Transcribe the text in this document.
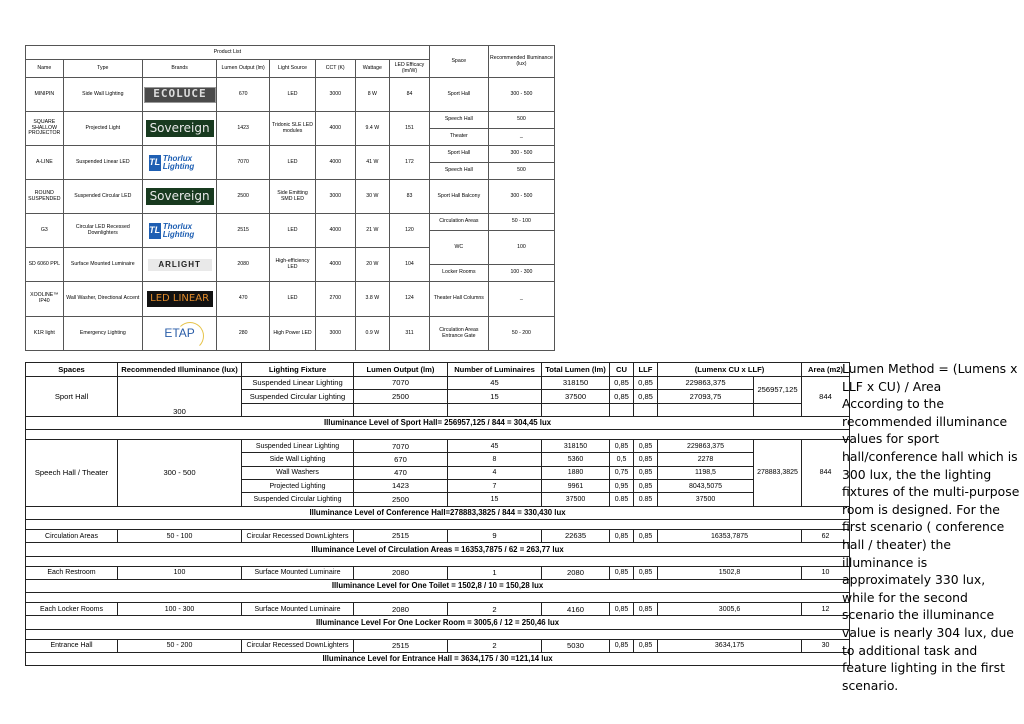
Product List								Space	Recommended Illuminance (lux)
Name	Type	Brands	Lumen Output (lm)	Light Source	CCT (K)	Wattage	LED Efficacy (lm/W)		
MINIPIN	Side Wall Lighting	ECOLUCE	670	LED	3000	8 W	84	Sport Hall	300 - 500
SQUARE SHALLOW PROJECTOR	Projected Light	Sovereign	1423	Tridonic SLE LED modules	4000	9.4 W	151	Speech Hall	500
								Theater	_
A-LINE	Suspended Linear LED	TL Thorlux Lighting	7070	LED	4000	41 W	172	Sport Hall	300 - 500
								Speech Hall	500
ROUND SUSPENDED	Suspended Circular LED	Sovereign	2500	Side Emitting SMD LED	3000	30 W	83	Sport Hall Balcony	300 - 500
G3	Circular LED Recessed Downlighters	TL Thorlux Lighting	2515	LED	4000	21 W	120	Circulation Areas	50 - 100
								WC	100
SD 6060 PPL	Surface Mounted Luminaire	ARLIGHT	2080	High-efficiency LED	4000	20 W	104		
								Locker Rooms	100 - 300
XOOLINE™ IP40	Wall Washer, Directional Accent	LED LINEAR	470	LED	2700	3.8 W	124	Theater Hall Columns	_
K1R light	Emergency Lighting	ETAP	280	High Power LED	3000	0.9 W	311	Circulation Areas Entrance Gate	50 - 200
Spaces	Recommended Illuminance (lux)	Lighting Fixture	Lumen Output (lm)	Number of Luminaires	Total Lumen (lm)	CU	LLF	(Lumenx CU x LLF)		Area (m2)
Sport Hall	300	Suspended Linear Lighting	7070	45	318150	0,85	0,85	229863,375	256957,125	844
		Suspended Circular Lighting	2500	15	37500	0,85	0,85	27093,75		

Illuminance Level of Sport Hall= 256957,125 / 844 = 304,45 lux										

Speech Hall / Theater	300 - 500	Suspended Linear Lighting	7070	45	318150	0,85	0,85	229863,375	278883,3825	844
		Side Wall Lighting	670	8	5360	0,5	0,85	2278		
		Wall Washers	470	4	1880	0,75	0,85	1198,5		
		Projected Lighting	1423	7	9961	0,95	0,85	8043,5075		
		Suspended Circular Lighting	2500	15	37500	0.85	0.85	37500		
Illuminance Level of Conference Hall=278883,3825 / 844 = 330,430 lux										

Circulation Areas	50 - 100	Circular Recessed DownLighters	2515	9	22635	0,85	0,85	16353,7875		62
Illuminance Level of Circulation Areas = 16353,7875 / 62 = 263,77 lux										

Each Restroom	100	Surface Mounted Luminaire	2080	1	2080	0,85	0,85	1502,8		10
Illuminance Level for One Toilet = 1502,8 / 10 = 150,28 lux										

Each Locker Rooms	100 - 300	Surface Mounted Luminaire	2080	2	4160	0,85	0,85	3005,6		12
Illuminance Level For One Locker Room = 3005,6 / 12 = 250,46 lux										

Entrance Hall	50 - 200	Circular Recessed DownLighters	2515	2	5030	0,85	0,85	3634,175		30
Illuminance Level for Entrance Hall = 3634,175 / 30 =121,14 lux										

Lumen Method = (Lumens x LLF x CU) / Area

According to the recommended illuminance values for sport hall/conference hall which is 300 lux, the the lighting fixtures of the multi-purpose room is designed. For the first scenario ( conference hall / theater) the illuminance is approximately 330 lux, while for the second scenario the illuminance value is nearly 304 lux, due to additional task and feature lighting in the first scenario.
